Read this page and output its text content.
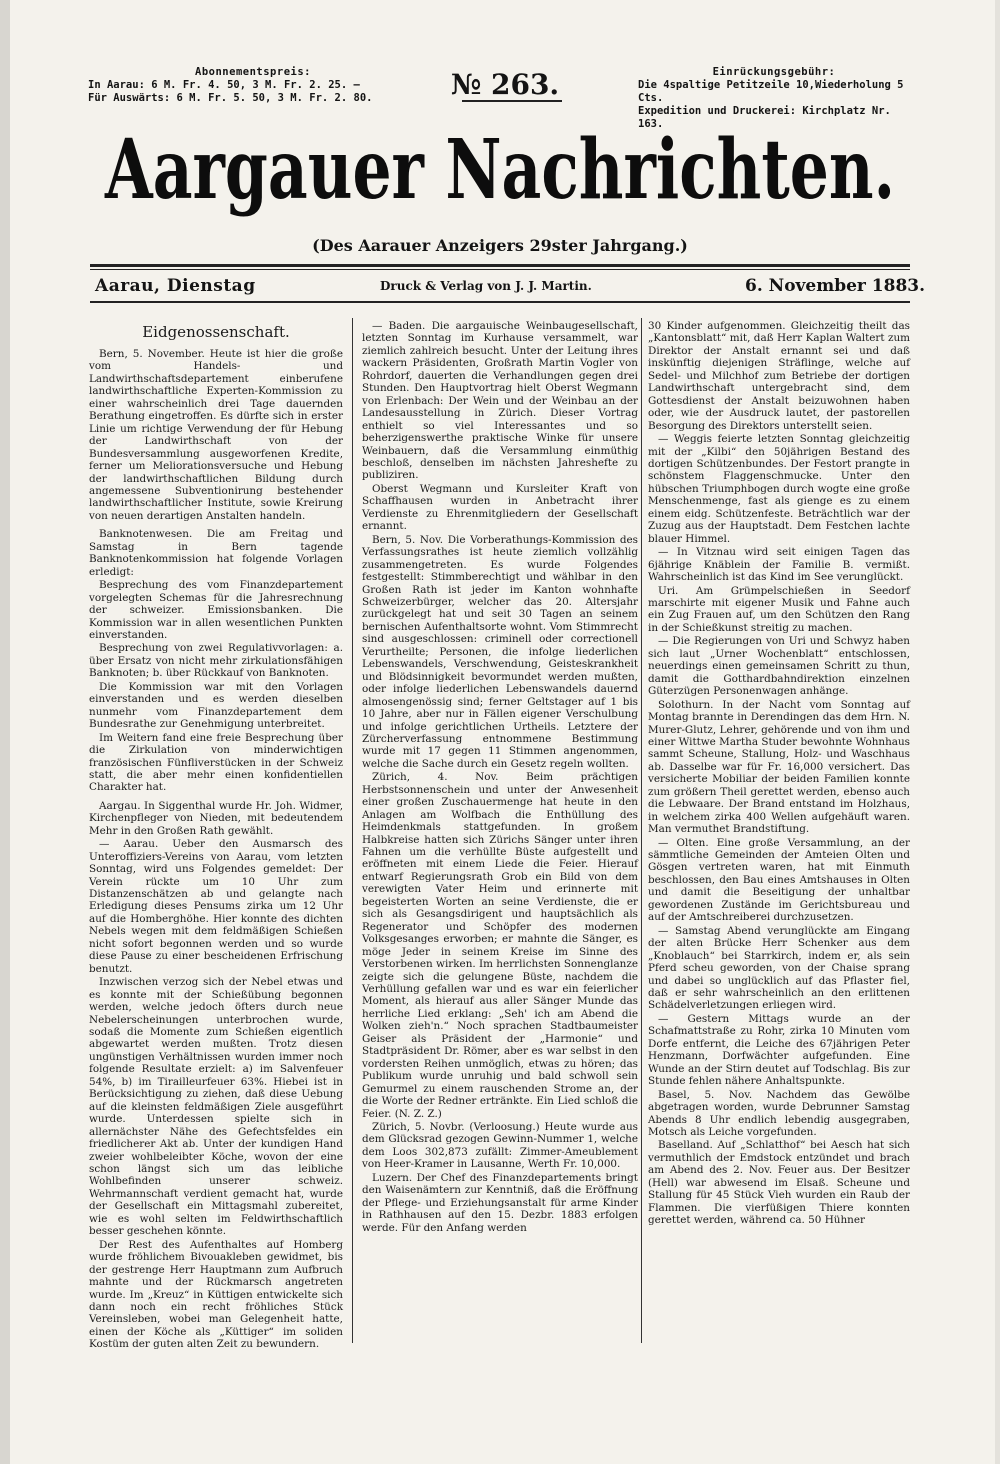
Abonnementspreis:
In Aarau: 6 M. Fr. 4. 50, 3 M. Fr. 2. 25. —
Für Auswärts: 6 M. Fr. 5. 50, 3 M. Fr. 2. 80.	№ 263.	Einrückungsgebühr:
Die 4spaltige Petitzeile 10,Wiederholung 5 Cts.
Expedition und Druckerei: Kirchplatz Nr. 163.
Aargauer Nachrichten.
(Des Aarauer Anzeigers 29ster Jahrgang.)
Aarau, Dienstag	Druck & Verlag von J. J. Martin.	6. November 1883.
Eidgenossenschaft.

Bern, 5. November. Heute ist hier die große vom Handels- und Landwirthschaftsdepartement einberufene landwirthschaftliche Experten-Kommission zu einer wahrscheinlich drei Tage dauernden Berathung eingetroffen. Es dürfte sich in erster Linie um richtige Verwendung der für Hebung der Landwirthschaft von der Bundesversammlung ausgeworfenen Kredite, ferner um Meliorationsversuche und Hebung der landwirthschaftlichen Bildung durch angemessene Subventionirung bestehender landwirthschaftlicher Institute, sowie Kreirung von neuen derartigen Anstalten handeln.

Banknotenwesen. Die am Freitag und Samstag in Bern tagende Banknotenkommission hat folgende Vorlagen erledigt:

Besprechung des vom Finanzdepartement vorgelegten Schemas für die Jahresrechnung der schweizer. Emissionsbanken. Die Kommission war in allen wesentlichen Punkten einverstanden.

Besprechung von zwei Regulativvorlagen: a. über Ersatz von nicht mehr zirkulationsfähigen Banknoten; b. über Rückkauf von Banknoten.

Die Kommission war mit den Vorlagen einverstanden und es werden dieselben nunmehr vom Finanzdepartement dem Bundesrathe zur Genehmigung unterbreitet.

Im Weitern fand eine freie Besprechung über die Zirkulation von minderwichtigen französischen Fünfliverstücken in der Schweiz statt, die aber mehr einen konfidentiellen Charakter hat.

Aargau. In Siggenthal wurde Hr. Joh. Widmer, Kirchenpfleger von Nieden, mit bedeutendem Mehr in den Großen Rath gewählt.

— Aarau. Ueber den Ausmarsch des Unteroffiziers-Vereins von Aarau, vom letzten Sonntag, wird uns Folgendes gemeldet: Der Verein rückte um 10 Uhr zum Distanzenschätzen ab und gelangte nach Erledigung dieses Pensums zirka um 12 Uhr auf die Homberghöhe. Hier konnte des dichten Nebels wegen mit dem feldmäßigen Schießen nicht sofort begonnen werden und so wurde diese Pause zu einer bescheidenen Erfrischung benutzt.

Inzwischen verzog sich der Nebel etwas und es konnte mit der Schießübung begonnen werden, welche jedoch öfters durch neue Nebelerscheinungen unterbrochen wurde, sodaß die Momente zum Schießen eigentlich abgewartet werden mußten. Trotz diesen ungünstigen Verhältnissen wurden immer noch folgende Resultate erzielt: a) im Salvenfeuer 54%, b) im Tirailleurfeuer 63%. Hiebei ist in Berücksichtigung zu ziehen, daß diese Uebung auf die kleinsten feldmäßigen Ziele ausgeführt wurde. Unterdessen spielte sich in allernächster Nähe des Gefechtsfeldes ein friedlicherer Akt ab. Unter der kundigen Hand zweier wohlbeleibter Köche, wovon der eine schon längst sich um das leibliche Wohlbefinden unserer schweiz. Wehrmannschaft verdient gemacht hat, wurde der Gesellschaft ein Mittagsmahl zubereitet, wie es wohl selten im Feldwirthschaftlich besser geschehen könnte.

Der Rest des Aufenthaltes auf Homberg wurde fröhlichem Bivouakleben gewidmet, bis der gestrenge Herr Hauptmann zum Aufbruch mahnte und der Rückmarsch angetreten wurde. Im „Kreuz“ in Küttigen entwickelte sich dann noch ein recht fröhliches Stück Vereinsleben, wobei man Gelegenheit hatte, einen der Köche als „Küttiger“ im soliden Kostüm der guten alten Zeit zu bewundern.

— Baden. Die aargauische Weinbaugesellschaft, letzten Sonntag im Kurhause versammelt, war ziemlich zahlreich besucht. Unter der Leitung ihres wackern Präsidenten, Großrath Martin Vogler von Rohrdorf, dauerten die Verhandlungen gegen drei Stunden. Den Hauptvortrag hielt Oberst Wegmann von Erlenbach: Der Wein und der Weinbau an der Landesausstellung in Zürich. Dieser Vortrag enthielt so viel Interessantes und so beherzigenswerthe praktische Winke für unsere Weinbauern, daß die Versammlung einmüthig beschloß, denselben im nächsten Jahreshefte zu publiziren.

Oberst Wegmann und Kursleiter Kraft von Schaffhausen wurden in Anbetracht ihrer Verdienste zu Ehrenmitgliedern der Gesellschaft ernannt.

Bern, 5. Nov. Die Vorberathungs-Kommission des Verfassungsrathes ist heute ziemlich vollzählig zusammengetreten. Es wurde Folgendes festgestellt: Stimmberechtigt und wählbar in den Großen Rath ist jeder im Kanton wohnhafte Schweizerbürger, welcher das 20. Altersjahr zurückgelegt hat und seit 30 Tagen an seinem bernischen Aufenthaltsorte wohnt. Vom Stimmrecht sind ausgeschlossen: criminell oder correctionell Verurtheilte; Personen, die infolge liederlichen Lebenswandels, Verschwendung, Geisteskrankheit und Blödsinnigkeit bevormundet werden mußten, oder infolge liederlichen Lebenswandels dauernd almosengenössig sind; ferner Geltstager auf 1 bis 10 Jahre, aber nur in Fällen eigener Verschulbung und infolge gerichtlichen Urtheils. Letztere der Zürcherverfassung entnommene Bestimmung wurde mit 17 gegen 11 Stimmen angenommen, welche die Sache durch ein Gesetz regeln wollten.

Zürich, 4. Nov. Beim prächtigen Herbstsonnenschein und unter der Anwesenheit einer großen Zuschauermenge hat heute in den Anlagen am Wolfbach die Enthüllung des Heimdenkmals stattgefunden. In großem Halbkreise hatten sich Zürichs Sänger unter ihren Fahnen um die verhüllte Büste aufgestellt und eröffneten mit einem Liede die Feier. Hierauf entwarf Regierungsrath Grob ein Bild von dem verewigten Vater Heim und erinnerte mit begeisterten Worten an seine Verdienste, die er sich als Gesangsdirigent und hauptsächlich als Regenerator und Schöpfer des modernen Volksgesanges erworben; er mahnte die Sänger, es möge Jeder in seinem Kreise im Sinne des Verstorbenen wirken. Im herrlichsten Sonnenglanze zeigte sich die gelungene Büste, nachdem die Verhüllung gefallen war und es war ein feierlicher Moment, als hierauf aus aller Sänger Munde das herrliche Lied erklang: „Seh' ich am Abend die Wolken zieh'n.“ Noch sprachen Stadtbaumeister Geiser als Präsident der „Harmonie“ und Stadtpräsident Dr. Römer, aber es war selbst in den vordersten Reihen unmöglich, etwas zu hören; das Publikum wurde unruhig und bald schwoll sein Gemurmel zu einem rauschenden Strome an, der die Worte der Redner ertränkte. Ein Lied schloß die Feier. (N. Z. Z.)

Zürich, 5. Novbr. (Verloosung.) Heute wurde aus dem Glücksrad gezogen Gewinn-Nummer 1, welche dem Loos 302,873 zufällt: Zimmer-Ameublement von Heer-Kramer in Lausanne, Werth Fr. 10,000.

Luzern. Der Chef des Finanzdepartements bringt den Waisenämtern zur Kenntniß, daß die Eröffnung der Pflege- und Erziehungsanstalt für arme Kinder in Rathhausen auf den 15. Dezbr. 1883 erfolgen werde. Für den Anfang werden

30 Kinder aufgenommen. Gleichzeitig theilt das „Kantonsblatt“ mit, daß Herr Kaplan Waltert zum Direktor der Anstalt ernannt sei und daß inskünftig diejenigen Sträflinge, welche auf Sedel- und Milchhof zum Betriebe der dortigen Landwirthschaft untergebracht sind, dem Gottesdienst der Anstalt beizuwohnen haben oder, wie der Ausdruck lautet, der pastorellen Besorgung des Direktors unterstellt seien.

— Weggis feierte letzten Sonntag gleichzeitig mit der „Kilbi“ den 50jährigen Bestand des dortigen Schützenbundes. Der Festort prangte in schönstem Flaggenschmucke. Unter den hübschen Triumphbogen durch wogte eine große Menschenmenge, fast als gienge es zu einem einem eidg. Schützenfeste. Beträchtlich war der Zuzug aus der Hauptstadt. Dem Festchen lachte blauer Himmel.

— In Vitznau wird seit einigen Tagen das 6jährige Knäblein der Familie B. vermißt. Wahrscheinlich ist das Kind im See verunglückt.

Uri. Am Grümpelschießen in Seedorf marschirte mit eigener Musik und Fahne auch ein Zug Frauen auf, um den Schützen den Rang in der Schießkunst streitig zu machen.

— Die Regierungen von Uri und Schwyz haben sich laut „Urner Wochenblatt“ entschlossen, neuerdings einen gemeinsamen Schritt zu thun, damit die Gotthardbahndirektion einzelnen Güterzügen Personenwagen anhänge.

Solothurn. In der Nacht vom Sonntag auf Montag brannte in Derendingen das dem Hrn. N. Murer-Glutz, Lehrer, gehörende und von ihm und einer Wittwe Martha Studer bewohnte Wohnhaus sammt Scheune, Stallung, Holz- und Waschhaus ab. Dasselbe war für Fr. 16,000 versichert. Das versicherte Mobiliar der beiden Familien konnte zum größern Theil gerettet werden, ebenso auch die Lebwaare. Der Brand entstand im Holzhaus, in welchem zirka 400 Wellen aufgehäuft waren. Man vermuthet Brandstiftung.

— Olten. Eine große Versammlung, an der sämmtliche Gemeinden der Amteien Olten und Gösgen vertreten waren, hat mit Einmuth beschlossen, den Bau eines Amtshauses in Olten und damit die Beseitigung der unhaltbar gewordenen Zustände im Gerichtsbureau und auf der Amtschreiberei durchzusetzen.

— Samstag Abend verunglückte am Eingang der alten Brücke Herr Schenker aus dem „Knoblauch“ bei Starrkirch, indem er, als sein Pferd scheu geworden, von der Chaise sprang und dabei so unglücklich auf das Pflaster fiel, daß er sehr wahrscheinlich an den erlittenen Schädelverletzungen erliegen wird.

— Gestern Mittags wurde an der Schafmattstraße zu Rohr, zirka 10 Minuten vom Dorfe entfernt, die Leiche des 67jährigen Peter Henzmann, Dorfwächter aufgefunden. Eine Wunde an der Stirn deutet auf Todschlag. Bis zur Stunde fehlen nähere Anhaltspunkte.

Basel, 5. Nov. Nachdem das Gewölbe abgetragen worden, wurde Debrunner Samstag Abends 8 Uhr endlich lebendig ausgegraben, Motsch als Leiche vorgefunden.

Baselland. Auf „Schlatthof“ bei Aesch hat sich vermuthlich der Emdstock entzündet und brach am Abend des 2. Nov. Feuer aus. Der Besitzer (Hell) war abwesend im Elsaß. Scheune und Stallung für 45 Stück Vieh wurden ein Raub der Flammen. Die vierfüßigen Thiere konnten gerettet werden, während ca. 50 Hühner
